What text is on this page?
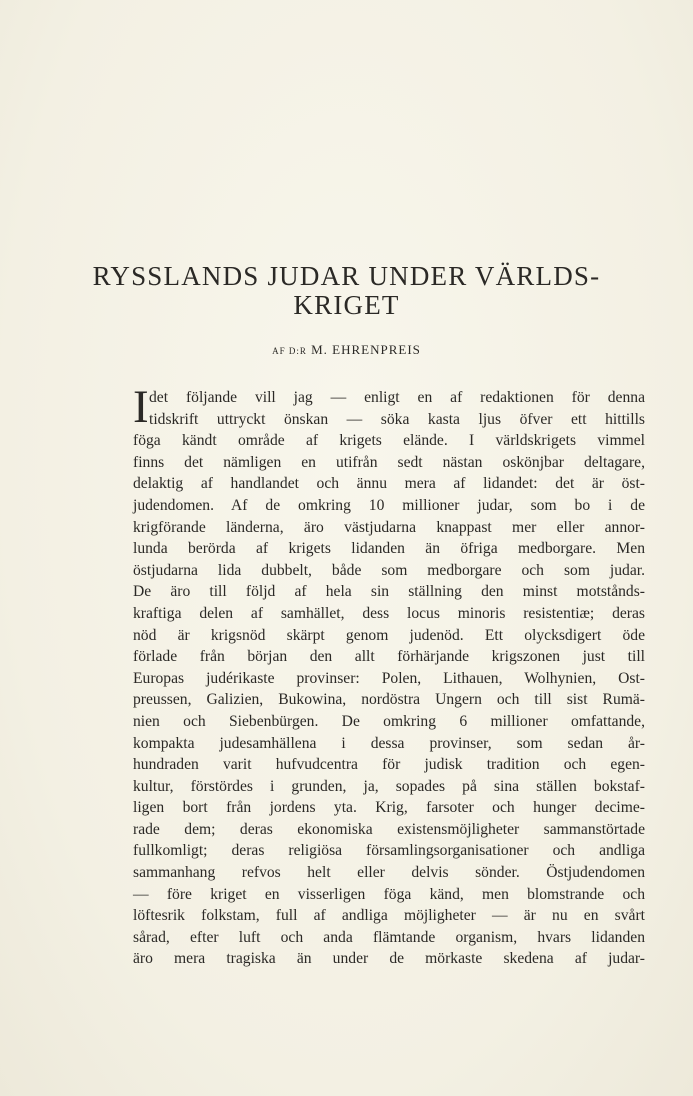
RYSSLANDS JUDAR UNDER VÄRLDS-
KRIGET
AF D:R M. EHRENPREIS
I det följande vill jag — enligt en af redaktionen för denna
tidskrift uttryckt önskan — söka kasta ljus öfver ett hittills
föga kändt område af krigets elände. I världskrigets vimmel
finns det nämligen en utifrån sedt nästan oskönjbar deltagare,
delaktig af handlandet och ännu mera af lidandet: det är öst-
judendomen. Af de omkring 10 millioner judar, som bo i de
krigförande länderna, äro västjudarna knappast mer eller annor-
lunda berörda af krigets lidanden än öfriga medborgare. Men
östjudarna lida dubbelt, både som medborgare och som judar.
De äro till följd af hela sin ställning den minst motstånds-
kraftiga delen af samhället, dess locus minoris resistentiæ; deras
nöd är krigsnöd skärpt genom judenöd. Ett olycksdigert öde
förlade från början den allt förhärjande krigszonen just till
Europas judérikaste provinser: Polen, Lithauen, Wolhynien, Ost-
preussen, Galizien, Bukowina, nordöstra Ungern och till sist Rumä-
nien och Siebenbürgen. De omkring 6 millioner omfattande,
kompakta judesamhällena i dessa provinser, som sedan år-
hundraden varit hufvudcentra för judisk tradition och egen-
kultur, förstördes i grunden, ja, sopades på sina ställen bokstaf-
ligen bort från jordens yta. Krig, farsoter och hunger decime-
rade dem; deras ekonomiska existensmöjligheter sammanstörtade
fullkomligt; deras religiösa församlingsorganisationer och andliga
sammanhang refvos helt eller delvis sönder. Östjudendomen
— före kriget en visserligen föga känd, men blomstrande och
löftesrik folkstam, full af andliga möjligheter — är nu en svårt
sårad, efter luft och anda flämtande organism, hvars lidanden
äro mera tragiska än under de mörkaste skedena af judar-
